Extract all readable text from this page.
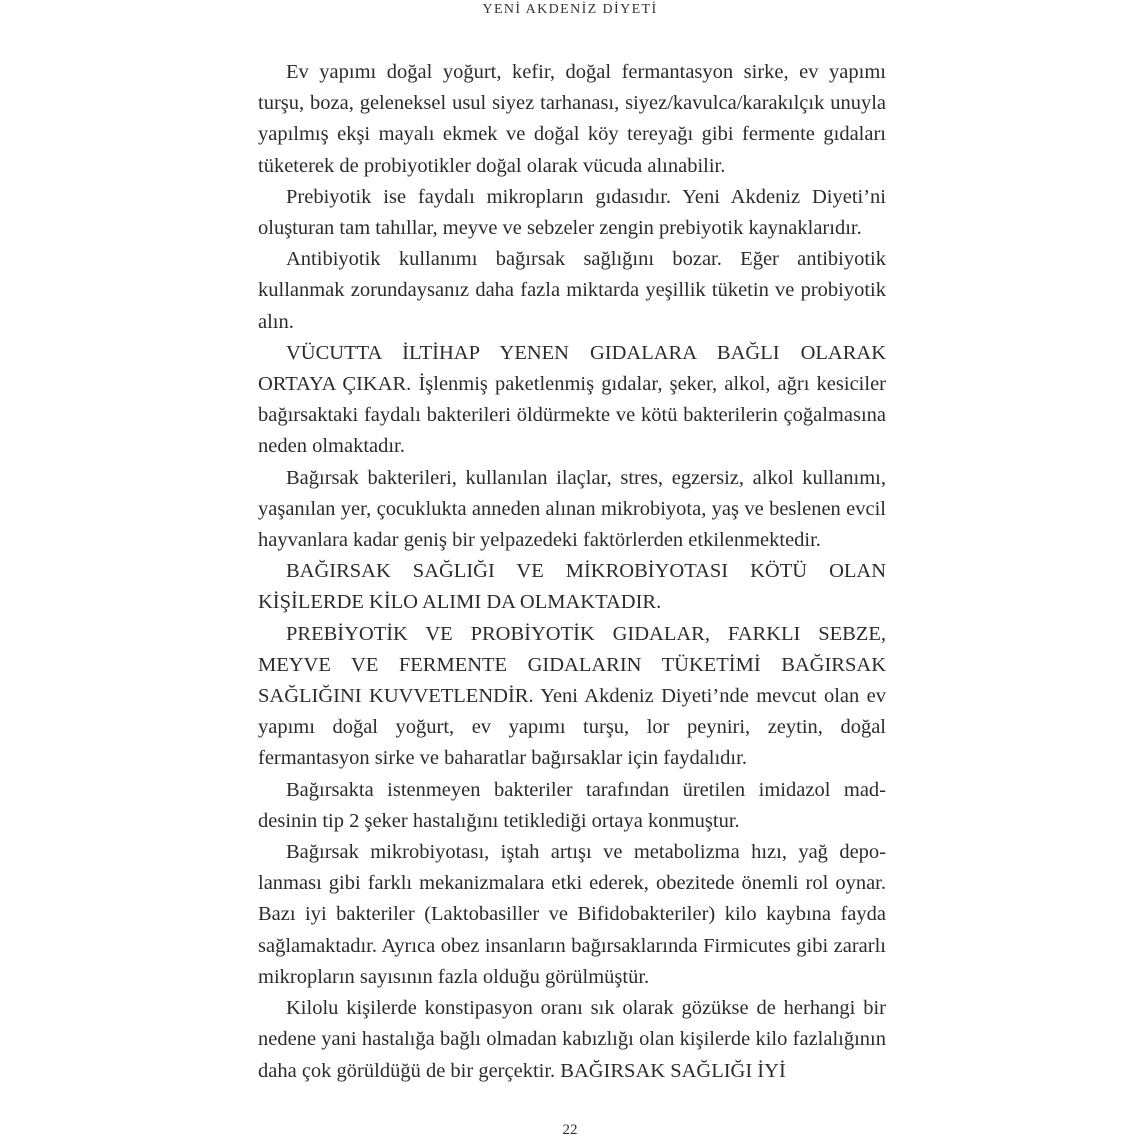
YENİ AKDENİZ DİYETİ

Ev yapımı doğal yoğurt, kefir, doğal fermantasyon sirke, ev yapımı turşu, boza, geleneksel usul siyez tarhanası, siyez/kavulca/karakılçık unuyla yapılmış ekşi mayalı ekmek ve doğal köy tereyağı gibi fermente gıdaları tüketerek de probiyotikler doğal olarak vücuda alınabilir.

Prebiyotik ise faydalı mikropların gıdasıdır. Yeni Akdeniz Diyeti’ni oluşturan tam tahıllar, meyve ve sebzeler zengin prebiyotik kaynaklarıdır.

Antibiyotik kullanımı bağırsak sağlığını bozar. Eğer antibiyotik kullanmak zorundaysanız daha fazla miktarda yeşillik tüketin ve probiyotik alın.

VÜCUTTA İLTİHAP YENEN GIDALARA BAĞLI OLARAK ORTAYA ÇIKAR. İşlenmiş paketlenmiş gıdalar, şeker, alkol, ağrı kesiciler bağırsaktaki faydalı bakterileri öldürmekte ve kötü bakterilerin çoğalmasına neden olmaktadır.

Bağırsak bakterileri, kullanılan ilaçlar, stres, egzersiz, alkol kullanımı, yaşanılan yer, çocuklukta anneden alınan mikrobiyota, yaş ve beslenen evcil hayvanlara kadar geniş bir yelpazedeki faktörlerden etkilenmektedir.

BAĞIRSAK SAĞLIĞI VE MİKROBİYOTASI KÖTÜ OLAN KİŞİLERDE KİLO ALIMI DA OLMAKTADIR.

PREBİYOTİK VE PROBİYOTİK GIDALAR, FARKLI SEBZE, MEYVE VE FERMENTE GIDALARIN TÜKETİMİ BAĞIRSAK SAĞLIĞINI KUVVETLENDİR. Yeni Akdeniz Diyeti’nde mevcut olan ev yapımı doğal yoğurt, ev yapımı turşu, lor peyniri, zeytin, doğal fermantasyon sirke ve baharatlar bağırsaklar için faydalıdır.

Bağırsakta istenmeyen bakteriler tarafından üretilen imidazol maddesinin tip 2 şeker hastalığını tetiklediği ortaya konmuştur.

Bağırsak mikrobiyotası, iştah artışı ve metabolizma hızı, yağ depolanması gibi farklı mekanizmalara etki ederek, obezitede önemli rol oynar. Bazı iyi bakteriler (Laktobasiller ve Bifidobakteriler) kilo kaybına fayda sağlamaktadır. Ayrıca obez insanların bağırsaklarında Firmicutes gibi zararlı mikropların sayısının fazla olduğu görülmüştür.

Kilolu kişilerde konstipasyon oranı sık olarak gözükse de herhangi bir nedene yani hastalığa bağlı olmadan kabızlığı olan kişilerde kilo fazlalığının daha çok görüldüğü de bir gerçektir. BAĞIRSAK SAĞLIĞI İYİ

22
